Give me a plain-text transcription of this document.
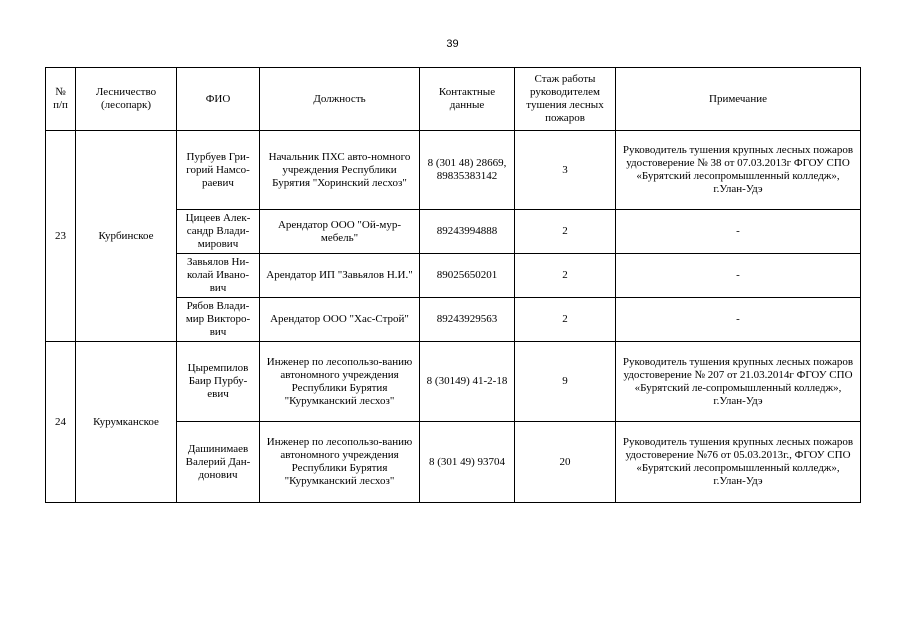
39
№ п/п	Лесничество (лесопарк)	ФИО	Должность	Контактные данные	Стаж работы руководителем тушения лесных пожаров	Примечание
23	Курбинское	Пурбуев Гри-горий Намсо-раевич	Начальник ПХС авто-номного учреждения Республики Бурятия "Хоринский лесхоз"	8 (301 48) 28669, 89835383142	3	Руководитель тушения крупных лесных пожаров удостоверение № 38 от 07.03.2013г ФГОУ СПО «Бурятский лесопромышленный колледж», г.Улан-Удэ
		Цицеев Алек-сандр Влади-мирович	Арендатор ООО "Ой-мур-мебель"	89243994888	2	-
		Завьялов Ни-колай Ивано-вич	Арендатор ИП "Завьялов Н.И."	89025650201	2	-
		Рябов Влади-мир Викторо-вич	Арендатор ООО "Хас-Строй"	89243929563	2	-
24	Курумканское	Цыремпилов Баир Пурбу-евич	Инженер по лесопользо-ванию автономного учреждения Республики Бурятия "Курумканский лесхоз"	8 (30149) 41-2-18	9	Руководитель тушения крупных лесных пожаров удостоверение № 207 от 21.03.2014г ФГОУ СПО «Бурятский ле-сопромышленный колледж», г.Улан-Удэ
		Дашинимаев Валерий Дан-донович	Инженер по лесопользо-ванию автономного учреждения Республики Бурятия "Курумканский лесхоз"	8 (301 49) 93704	20	Руководитель тушения крупных лесных пожаров удостоверение №76 от 05.03.2013г., ФГОУ СПО «Бурятский лесопромышленный колледж», г.Улан-Удэ
